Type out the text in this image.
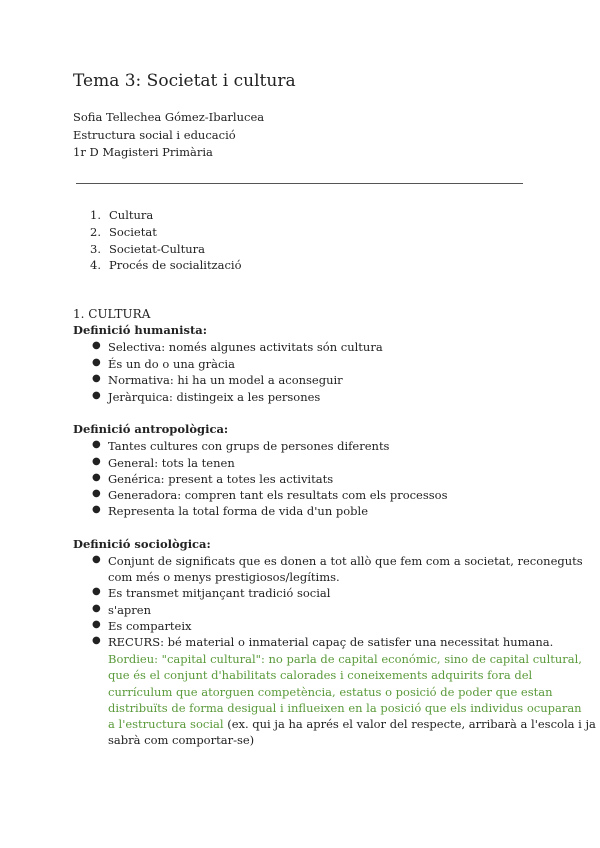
Tema 3: Societat i cultura
Sofia Tellechea Gómez-Ibarlucea
Estructura social i educació
1r D Magisteri Primària
1. Cultura
2. Societat
3. Societat-Cultura
4. Procés de socialització
1. CULTURA
Definició humanista:
● Selectiva: només algunes activitats són cultura
● És un do o una gràcia
● Normativa: hi ha un model a aconseguir
● Jeràrquica: distingeix a les persones
Definició antropològica:
● Tantes cultures con grups de persones diferents
● General: tots la tenen
● Genérica: present a totes les activitats
● Generadora: compren tant els resultats com els processos
● Representa la total forma de vida d'un poble
Definició sociològica:
● Conjunt de significats que es donen a tot allò que fem com a societat, reconeguts
com més o menys prestigiosos/legítims.
● Es transmet mitjançant tradició social
● s'apren
● Es comparteix
● RECURS: bé material o inmaterial capaç de satisfer una necessitat humana.
Bordieu: "capital cultural": no parla de capital económic, sino de capital cultural,
que és el conjunt d'habilitats calorades i coneixements adquirits fora del
currículum que atorguen competència, estatus o posició de poder que estan
distribuïts de forma desigual i influeixen en la posició que els individus ocuparan
a l'estructura social (ex. qui ja ha aprés el valor del respecte, arribarà a l'escola i ja
sabrà com comportar-se)
